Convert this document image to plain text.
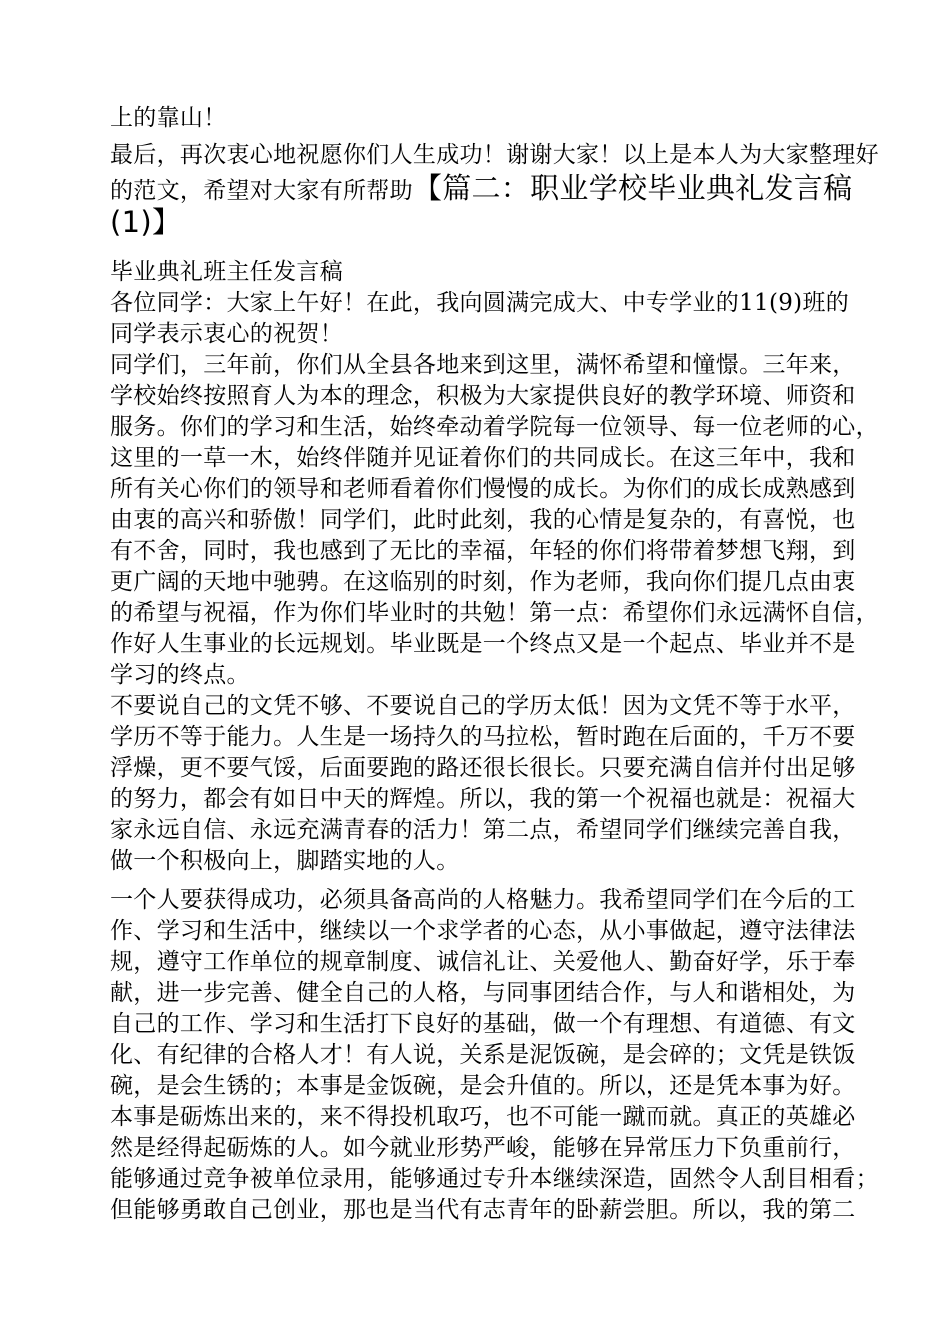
上的靠山！
最后，再次衷心地祝愿你们人生成功！谢谢大家！以上是本人为大家整理好
的范文，希望对大家有所帮助【篇二：职业学校毕业典礼发言稿
(1)】
毕业典礼班主任发言稿
各位同学：大家上午好！在此，我向圆满完成大、中专学业的11(9)班的
同学表示衷心的祝贺！
同学们，三年前，你们从全县各地来到这里，满怀希望和憧憬。三年来，
学校始终按照育人为本的理念，积极为大家提供良好的教学环境、师资和
服务。你们的学习和生活，始终牵动着学院每一位领导、每一位老师的心，
这里的一草一木，始终伴随并见证着你们的共同成长。在这三年中，我和
所有关心你们的领导和老师看着你们慢慢的成长。为你们的成长成熟感到
由衷的高兴和骄傲！同学们，此时此刻，我的心情是复杂的，有喜悦，也
有不舍，同时，我也感到了无比的幸福，年轻的你们将带着梦想飞翔，到
更广阔的天地中驰骋。在这临别的时刻，作为老师，我向你们提几点由衷
的希望与祝福，作为你们毕业时的共勉！第一点：希望你们永远满怀自信，
作好人生事业的长远规划。毕业既是一个终点又是一个起点、毕业并不是
学习的终点。
不要说自己的文凭不够、不要说自己的学历太低！因为文凭不等于水平，
学历不等于能力。人生是一场持久的马拉松，暂时跑在后面的，千万不要
浮燥，更不要气馁，后面要跑的路还很长很长。只要充满自信并付出足够
的努力，都会有如日中天的辉煌。所以，我的第一个祝福也就是：祝福大
家永远自信、永远充满青春的活力！第二点，希望同学们继续完善自我，
做一个积极向上，脚踏实地的人。
一个人要获得成功，必须具备高尚的人格魅力。我希望同学们在今后的工
作、学习和生活中，继续以一个求学者的心态，从小事做起，遵守法律法
规，遵守工作单位的规章制度、诚信礼让、关爱他人、勤奋好学，乐于奉
献，进一步完善、健全自己的人格，与同事团结合作，与人和谐相处，为
自己的工作、学习和生活打下良好的基础，做一个有理想、有道德、有文
化、有纪律的合格人才！有人说，关系是泥饭碗，是会碎的；文凭是铁饭
碗，是会生锈的；本事是金饭碗，是会升值的。所以，还是凭本事为好。
本事是砺炼出来的，来不得投机取巧，也不可能一蹴而就。真正的英雄必
然是经得起砺炼的人。如今就业形势严峻，能够在异常压力下负重前行，
能够通过竞争被单位录用，能够通过专升本继续深造，固然令人刮目相看；
但能够勇敢自己创业，那也是当代有志青年的卧薪尝胆。所以，我的第二
